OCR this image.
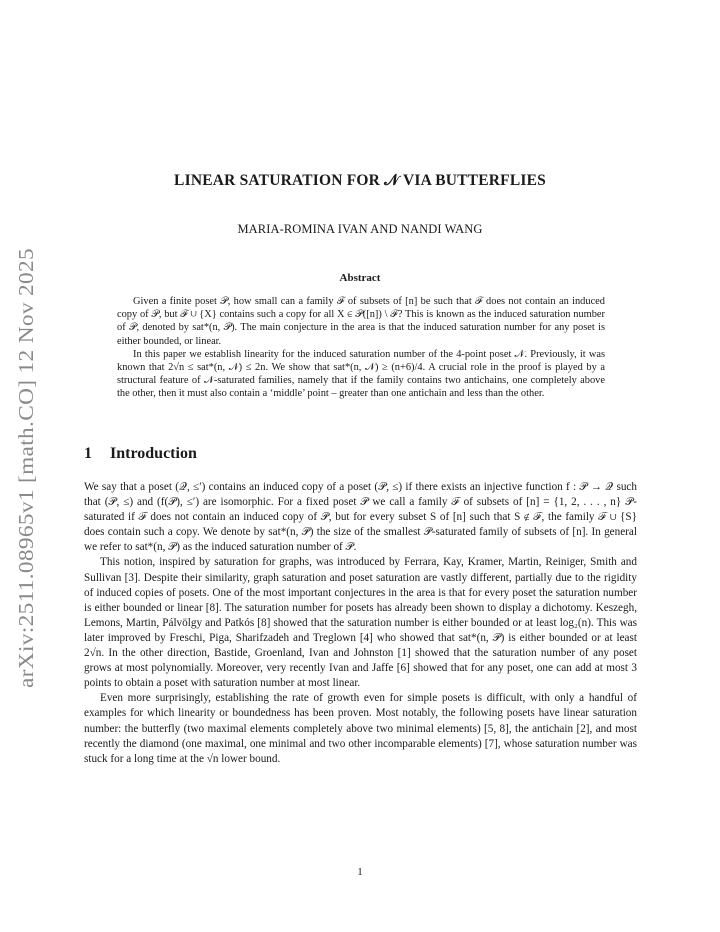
arXiv:2511.08965v1 [math.CO] 12 Nov 2025
LINEAR SATURATION FOR 𝒩 VIA BUTTERFLIES
MARIA-ROMINA IVAN AND NANDI WANG
Abstract

Given a finite poset 𝒫, how small can a family ℱ of subsets of [n] be such that ℱ does not contain an induced copy of 𝒫, but ℱ ∪ {X} contains such a copy for all X ∈ 𝒫([n]) \ ℱ? This is known as the induced saturation number of 𝒫, denoted by sat*(n, 𝒫). The main conjecture in the area is that the induced saturation number for any poset is either bounded, or linear.

In this paper we establish linearity for the induced saturation number of the 4-point poset 𝒩. Previously, it was known that 2√n ≤ sat*(n, 𝒩) ≤ 2n. We show that sat*(n, 𝒩) ≥ (n+6)/4. A crucial role in the proof is played by a structural feature of 𝒩-saturated families, namely that if the family contains two antichains, one completely above the other, then it must also contain a ‘middle’ point – greater than one antichain and less than the other.

1 Introduction

We say that a poset (𝒬, ≤′) contains an induced copy of a poset (𝒫, ≤) if there exists an injective function f : 𝒫 → 𝒬 such that (𝒫, ≤) and (f(𝒫), ≤′) are isomorphic. For a fixed poset 𝒫 we call a family ℱ of subsets of [n] = {1, 2, . . . , n} 𝒫-saturated if ℱ does not contain an induced copy of 𝒫, but for every subset S of [n] such that S ∉ ℱ, the family ℱ ∪ {S} does contain such a copy. We denote by sat*(n, 𝒫) the size of the smallest 𝒫-saturated family of subsets of [n]. In general we refer to sat*(n, 𝒫) as the induced saturation number of 𝒫.

This notion, inspired by saturation for graphs, was introduced by Ferrara, Kay, Kramer, Martin, Reiniger, Smith and Sullivan [3]. Despite their similarity, graph saturation and poset saturation are vastly different, partially due to the rigidity of induced copies of posets. One of the most important conjectures in the area is that for every poset the saturation number is either bounded or linear [8]. The saturation number for posets has already been shown to display a dichotomy. Keszegh, Lemons, Martin, Pálvölgy and Patkós [8] showed that the saturation number is either bounded or at least log₂(n). This was later improved by Freschi, Piga, Sharifzadeh and Treglown [4] who showed that sat*(n, 𝒫) is either bounded or at least 2√n. In the other direction, Bastide, Groenland, Ivan and Johnston [1] showed that the saturation number of any poset grows at most polynomially. Moreover, very recently Ivan and Jaffe [6] showed that for any poset, one can add at most 3 points to obtain a poset with saturation number at most linear.

Even more surprisingly, establishing the rate of growth even for simple posets is difficult, with only a handful of examples for which linearity or boundedness has been proven. Most notably, the following posets have linear saturation number: the butterfly (two maximal elements completely above two minimal elements) [5, 8], the antichain [2], and most recently the diamond (one maximal, one minimal and two other incomparable elements) [7], whose saturation number was stuck for a long time at the √n lower bound.

1
